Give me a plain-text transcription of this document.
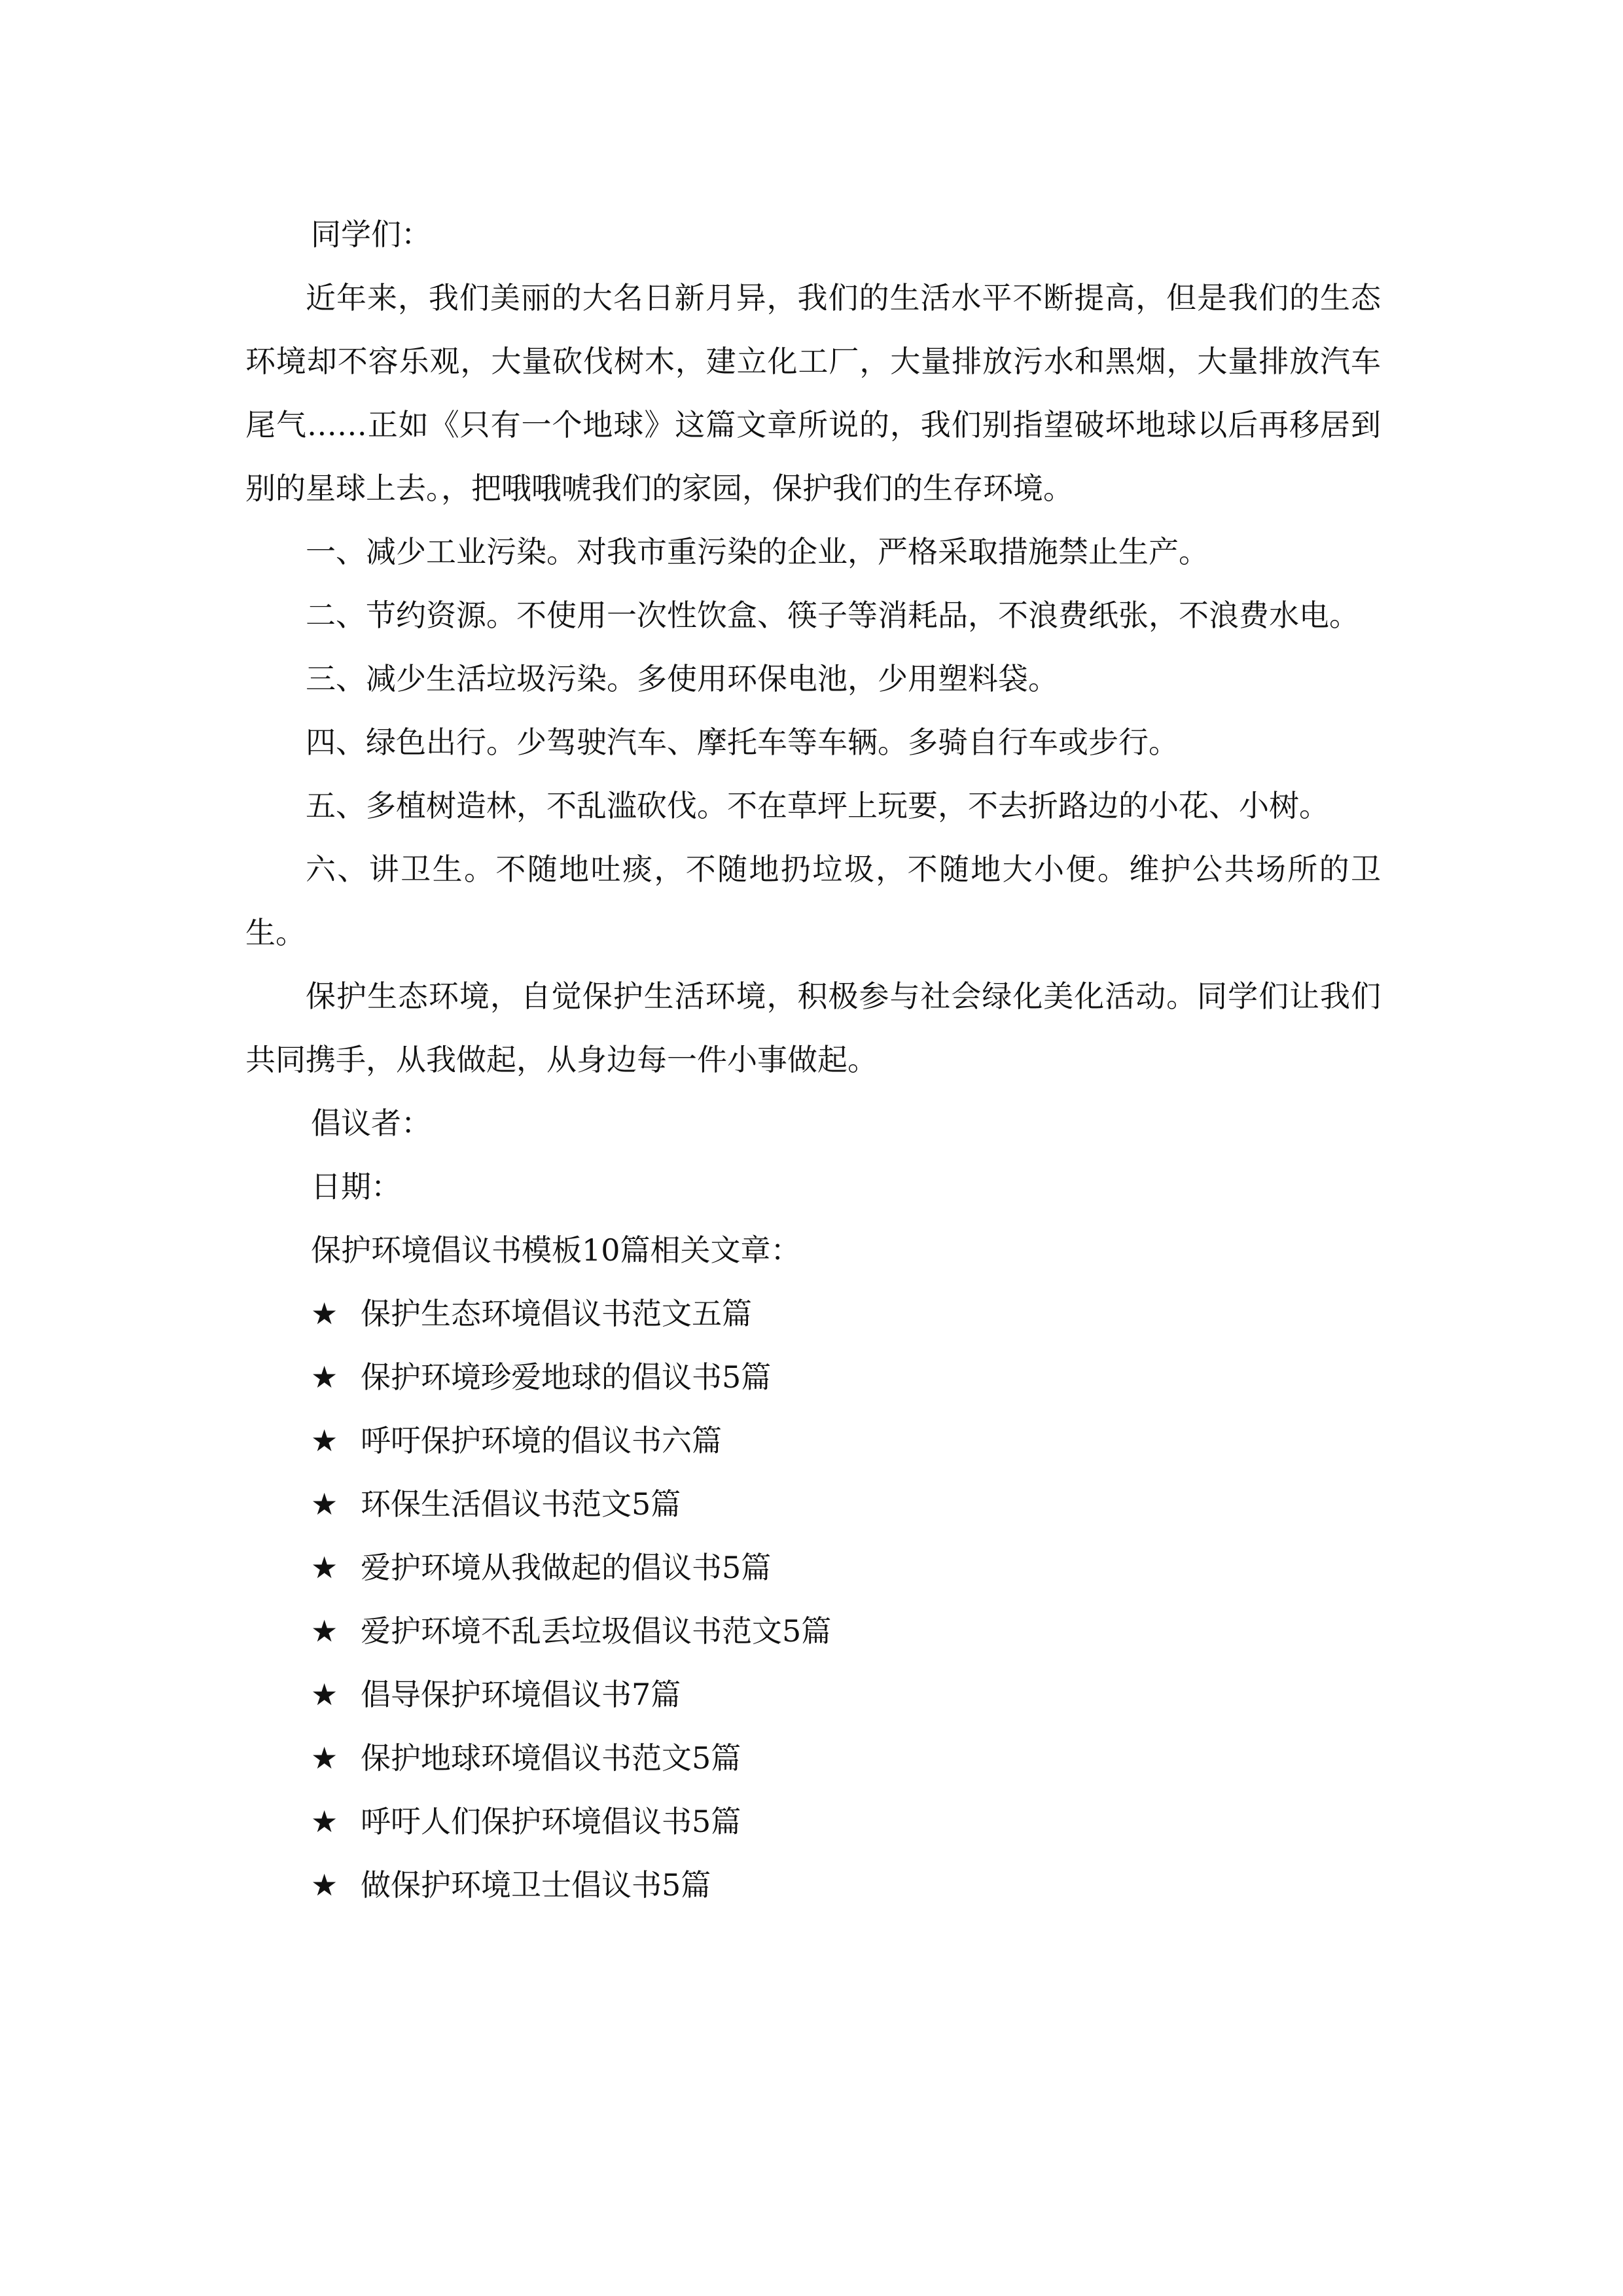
同学们：

近年来，我们美丽的大名日新月异，我们的生活水平不断提高，但是我们的生态环境却不容乐观，大量砍伐树木，建立化工厂，大量排放污水和黑烟，大量排放汽车尾气……正如《只有一个地球》这篇文章所说的，我们别指望破坏地球以后再移居到别的星球上去。，把哦哦唬我们的家园，保护我们的生存环境。

一、减少工业污染。对我市重污染的企业，严格采取措施禁止生产。

二、节约资源。不使用一次性饮盒、筷子等消耗品，不浪费纸张，不浪费水电。

三、减少生活垃圾污染。多使用环保电池，少用塑料袋。

四、绿色出行。少驾驶汽车、摩托车等车辆。多骑自行车或步行。

五、多植树造林，不乱滥砍伐。不在草坪上玩要，不去折路边的小花、小树。

六、讲卫生。不随地吐痰，不随地扔垃圾，不随地大小便。维护公共场所的卫生。

保护生态环境，自觉保护生活环境，积极参与社会绿化美化活动。同学们让我们共同携手，从我做起，从身边每一件小事做起。

倡议者：

日期：

保护环境倡议书模板10篇相关文章：

★ 保护生态环境倡议书范文五篇

★ 保护环境珍爱地球的倡议书5篇

★ 呼吁保护环境的倡议书六篇

★ 环保生活倡议书范文5篇

★ 爱护环境从我做起的倡议书5篇

★ 爱护环境不乱丢垃圾倡议书范文5篇

★ 倡导保护环境倡议书7篇

★ 保护地球环境倡议书范文5篇

★ 呼吁人们保护环境倡议书5篇

★ 做保护环境卫士倡议书5篇
